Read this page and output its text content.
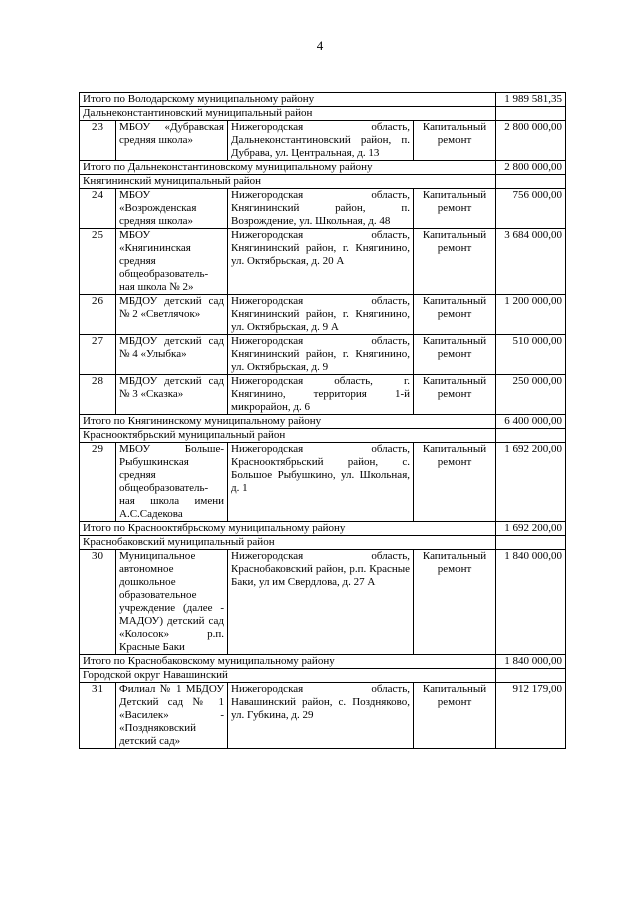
4
Итого по Володарскому муниципальному району				1 989 581,35
Дальнеконстантиновский муниципальный район				
23	МБОУ «Дубравская средняя школа»	Нижегородская область, Дальнеконстантиновский район, п. Дубрава, ул. Центральная, д. 13	Капитальный ремонт	2 800 000,00
Итого по Дальнеконстантиновскому муниципальному району				2 800 000,00
Княгининский муниципальный район				
24	МБОУ «Возрожденская средняя школа»	Нижегородская область, Княгининский район, п. Возрождение, ул. Школьная, д. 48	Капитальный ремонт	756 000,00
25	МБОУ «Княгининская средняя общеобразователь-ная школа № 2»	Нижегородская область, Княгининский район, г. Княгинино, ул. Октябрьская, д. 20 А	Капитальный ремонт	3 684 000,00
26	МБДОУ детский сад № 2 «Светлячок»	Нижегородская область, Княгининский район, г. Княгинино, ул. Октябрьская, д. 9 А	Капитальный ремонт	1 200 000,00
27	МБДОУ детский сад № 4 «Улыбка»	Нижегородская область, Княгининский район, г. Княгинино, ул. Октябрьская, д. 9	Капитальный ремонт	510 000,00
28	МБДОУ детский сад № 3 «Сказка»	Нижегородская область, г. Княгинино, территория 1-й микрорайон, д. 6	Капитальный ремонт	250 000,00
Итого по Княгининскому муниципальному району				6 400 000,00
Краснооктябрьский муниципальный район				
29	МБОУ Больше-Рыбушкинская средняя общеобразователь-ная школа имени А.С.Садекова	Нижегородская область, Краснооктябрьский район, с. Большое Рыбушкино, ул. Школьная, д. 1	Капитальный ремонт	1 692 200,00
Итого по Краснооктябрьскому муниципальному району				1 692 200,00
Краснобаковский муниципальный район				
30	Муниципальное автономное дошкольное образовательное учреждение (далее - МАДОУ) детский сад «Колосок» р.п. Красные Баки	Нижегородская область, Краснобаковский район, р.п. Красные Баки, ул им Свердлова, д. 27 А	Капитальный ремонт	1 840 000,00
Итого по Краснобаковскому муниципальному району				1 840 000,00
Городской округ Навашинский				
31	Филиал № 1 МБДОУ Детский сад № 1 «Василек» - «Поздняковский детский сад»	Нижегородская область, Навашинский район, с. Поздняково, ул. Губкина, д. 29	Капитальный ремонт	912 179,00
